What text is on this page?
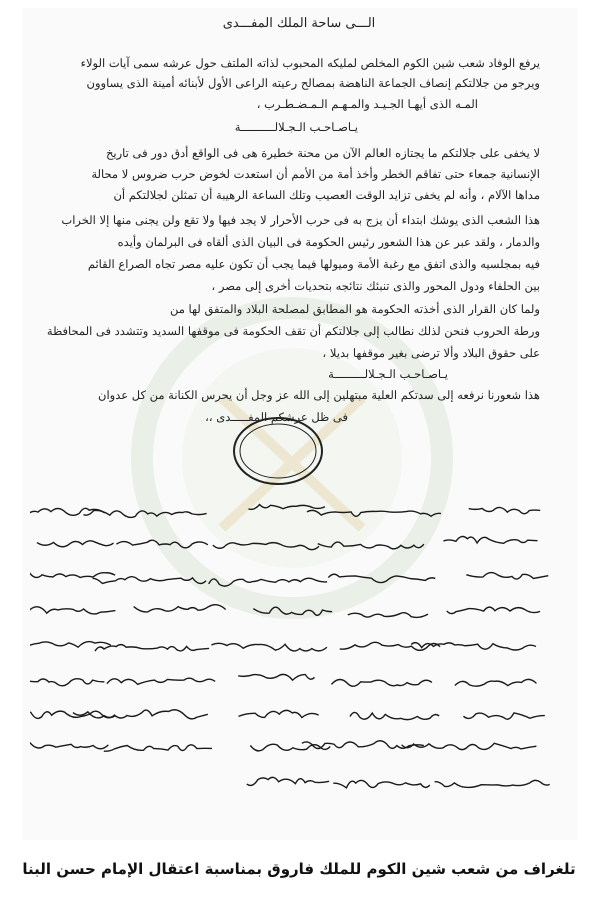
الـــى ساحة الملك المفـــدى
يرفع الوفاد شعب شين الكوم المخلص لمليكه المحبوب لذاته الملتف حول عرشه سمى آيات الولاء
ويرجو من جلالتكم إنصاف الجماعة الناهضة بمصالح رعيته الراعى الأول لأبنائه أمينة الذى يساوون
المـه الذى أيهـا الجـيـد والمـهـم الـمـضـطـرب ،
يـاصـاحـب الـجـلالــــــــــة
لا يخفى على جلالتكم ما يجتازه العالم الآن من محنة خطيرة هى فى الواقع أدق دور فى تاريخ
الإنسانية جمعاء حتى تفاقم الخطر وأخذ أمة من الأمم أن استعدت لخوض حرب ضروس لا محالة
مداها الآلام ، وأنه لم يخفى تزايد الوقت العصيب وتلك الساعة الرهيبة أن تمثلن لجلالتكم أن
هذا الشعب الذى يوشك ابتداء أن يزج به فى حرب الأحرار لا يجد فيها ولا تقع ولن يجنى منها إلا الخراب
والدمار ، ولقد عبر عن هذا الشعور رئيس الحكومة فى البيان الذى ألقاه فى البرلمان وأيده
فيه بمجلسيه والذى اتفق مع رغبة الأمة وميولها فيما يجب أن تكون عليه مصر تجاه الصراع القائم
بين الحلفاء ودول المحور والذى تنبئك نتائجه بتحديات أخرى إلى مصر ،
ولما كان القرار الذى أخذته الحكومة هو المطابق لمصلحة البلاد والمتفق لها من
ورطة الحروب فنحن لذلك نطالب إلى جلالتكم أن تقف الحكومة فى موقفها السديد وتتشدد فى المحافظة
على حقوق البلاد وألا ترضى بغير موقفها بديلا ،
يـاصـاحـب الـجـلالـــــــــة
هذا شعورنا نرفعه إلى سدتكم العلية مبتهلين إلى الله عز وجل أن يحرس الكنانة من كل عدوان
فى ظل عرشكم المفـــــدى ،،
تلغراف من شعب شين الكوم للملك فاروق بمناسبة اعتقال الإمام حسن البنا
